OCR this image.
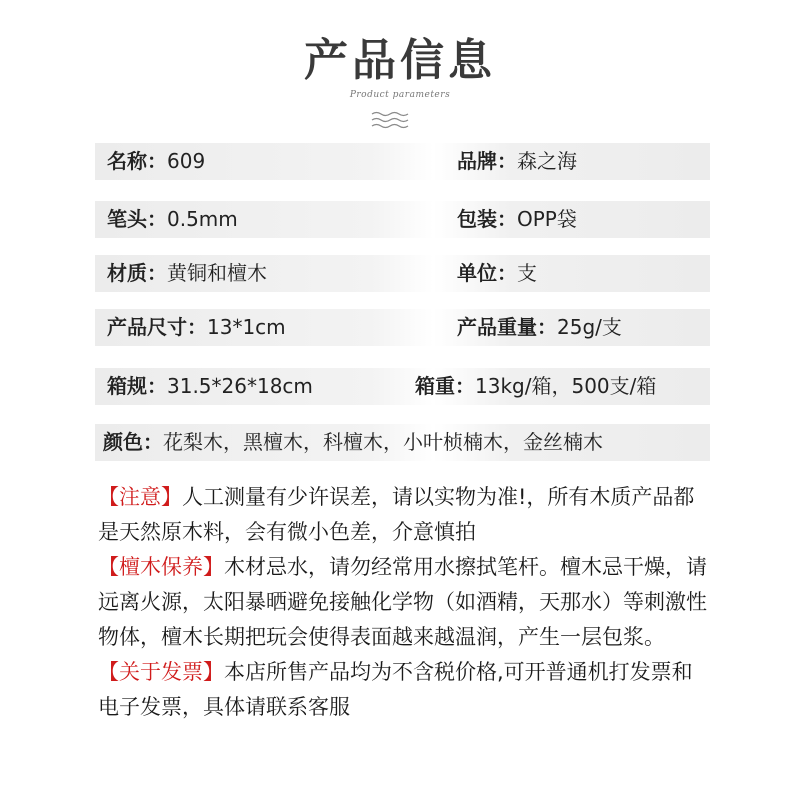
产品信息
Product parameters
名称：609	品牌：森之海
笔头：0.5mm	包装：OPP袋
材质：黄铜和檀木	单位：支
产品尺寸：13*1cm	产品重量：25g/支
箱规：31.5*26*18cm	箱重：13kg/箱，500支/箱
颜色：花梨木，黑檀木，科檀木，小叶桢楠木，金丝楠木

【注意】人工测量有少许误差，请以实物为准!，所有木质产品都是天然原木料，会有微小色差，介意慎拍

【檀木保养】木材忌水，请勿经常用水擦拭笔杆。檀木忌干燥，请远离火源，太阳暴晒避免接触化学物（如酒精，天那水）等刺激性物体，檀木长期把玩会使得表面越来越温润，产生一层包浆。

【关于发票】本店所售产品均为不含税价格,可开普通机打发票和电子发票，具体请联系客服
